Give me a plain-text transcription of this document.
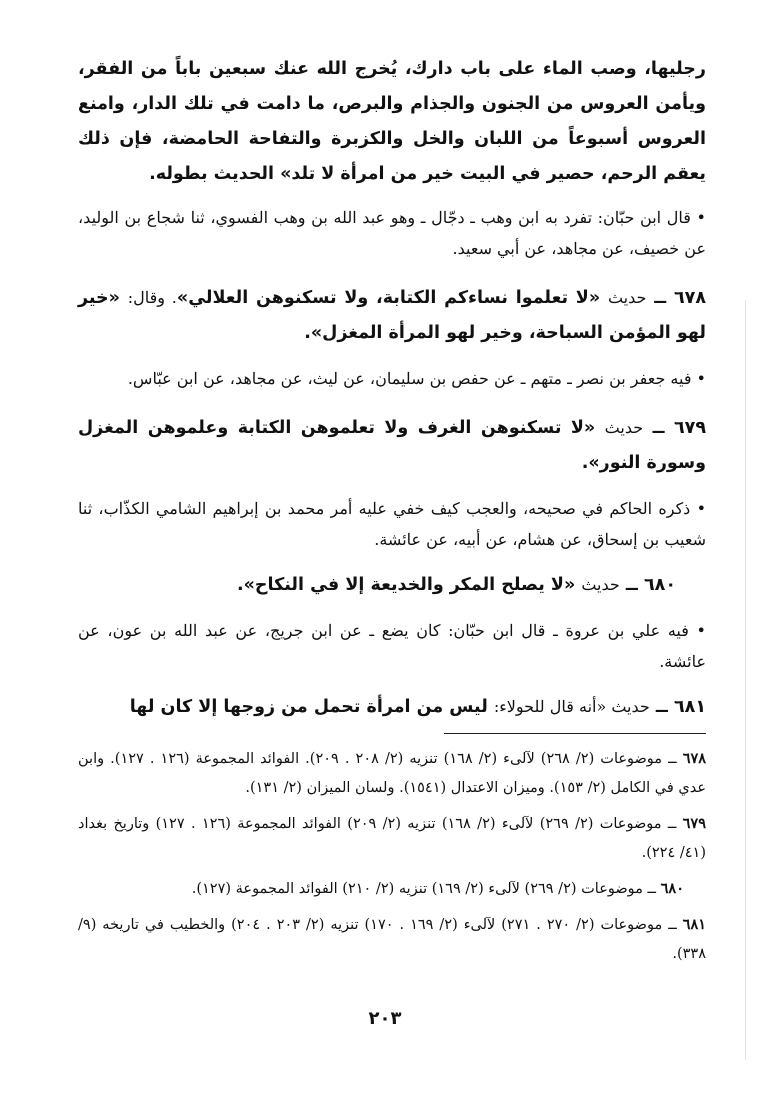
رجليها، وصب الماء على باب دارك، يُخرج الله عنك سبعين باباً من الفقر، ويأمن العروس من الجنون والجذام والبرص، ما دامت في تلك الدار، وامنع العروس أسبوعاً من اللبان والخل والكزبرة والتفاحة الحامضة، فإن ذلك يعقم الرحم، حصير في البيت خير من امرأة لا تلد» الحديث بطوله.

• قال ابن حبّان: تفرد به ابن وهب ـ دجّال ـ وهو عبد الله بن وهب الفسوي، ثنا شجاع بن الوليد، عن خصيف، عن مجاهد، عن أبي سعيد.

٦٧٨ ــ حديث «لا تعلموا نساءكم الكتابة، ولا تسكنوهن العلالي». وقال: «خير لهو المؤمن السباحة، وخير لهو المرأة المغزل».

• فيه جعفر بن نصر ـ متهم ـ عن حفص بن سليمان، عن ليث، عن مجاهد، عن ابن عبّاس.

٦٧٩ ــ حديث «لا تسكنوهن الغرف ولا تعلموهن الكتابة وعلموهن المغزل وسورة النور».

• ذكره الحاكم في صحيحه، والعجب كيف خفي عليه أمر محمد بن إبراهيم الشامي الكذّاب، ثنا شعيب بن إسحاق، عن هشام، عن أبيه، عن عائشة.

٦٨٠ ــ حديث «لا يصلح المكر والخديعة إلا في النكاح».

• فيه علي بن عروة ـ قال ابن حبّان: كان يضع ـ عن ابن جريج، عن عبد الله بن عون، عن عائشة.

٦٨١ ــ حديث «أنه قال للحولاء: ليس من امرأة تحمل من زوجها إلا كان لها

٦٧٨ ــ موضوعات (٢/ ٢٦٨) لآلىء (٢/ ١٦٨) تنزيه (٢/ ٢٠٨ . ٢٠٩). الفوائد المجموعة (١٢٦ . ١٢٧). وابن عدي في الكامل (٢/ ١٥٣). وميزان الاعتدال (١٥٤١). ولسان الميزان (٢/ ١٣١).

٦٧٩ ــ موضوعات (٢/ ٢٦٩) لآلىء (٢/ ١٦٨) تنزيه (٢/ ٢٠٩) الفوائد المجموعة (١٢٦ . ١٢٧) وتاريخ بغداد (٤١/ ٢٢٤).

٦٨٠ ــ موضوعات (٢/ ٢٦٩) لآلىء (٢/ ١٦٩) تنزيه (٢/ ٢١٠) الفوائد المجموعة (١٢٧).

٦٨١ ــ موضوعات (٢/ ٢٧٠ . ٢٧١) لآلىء (٢/ ١٦٩ . ١٧٠) تنزيه (٢/ ٢٠٣ . ٢٠٤) والخطيب في تاريخه (٩/ ٣٣٨).

٢٠٣
